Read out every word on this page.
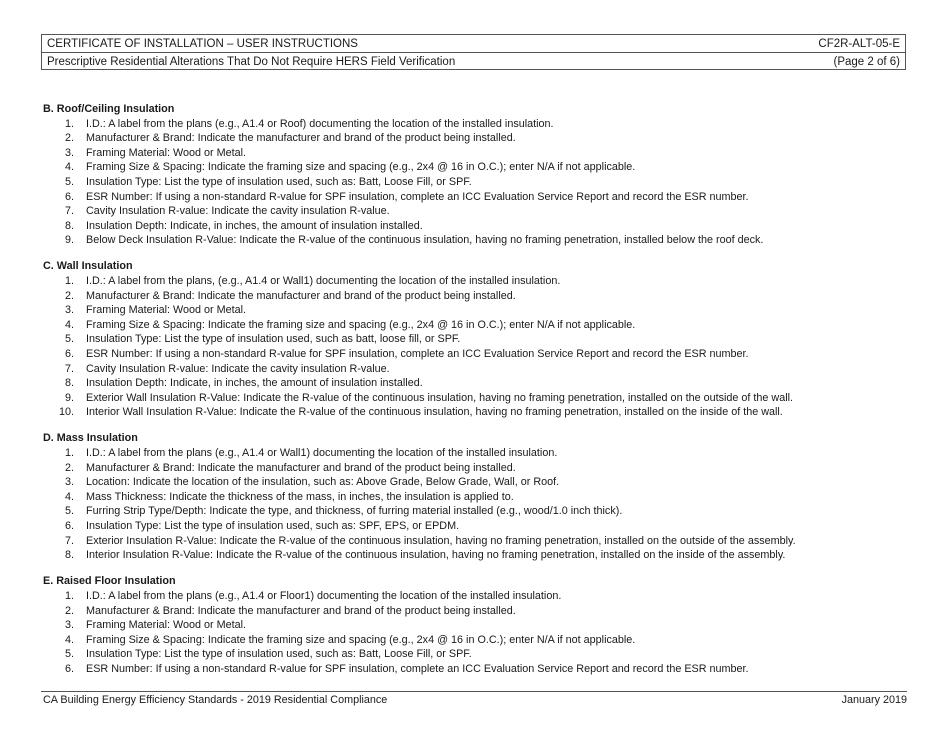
CERTIFICATE OF INSTALLATION – USER INSTRUCTIONS	CF2R-ALT-05-E
Prescriptive Residential Alterations That Do Not Require HERS Field Verification	(Page 2 of 6)
B. Roof/Ceiling Insulation
1. I.D.: A label from the plans (e.g., A1.4 or Roof) documenting the location of the installed insulation.
2. Manufacturer & Brand: Indicate the manufacturer and brand of the product being installed.
3. Framing Material: Wood or Metal.
4. Framing Size & Spacing: Indicate the framing size and spacing (e.g., 2x4 @ 16 in O.C.); enter N/A if not applicable.
5. Insulation Type: List the type of insulation used, such as: Batt, Loose Fill, or SPF.
6. ESR Number: If using a non-standard R-value for SPF insulation, complete an ICC Evaluation Service Report and record the ESR number.
7. Cavity Insulation R-value: Indicate the cavity insulation R-value.
8. Insulation Depth: Indicate, in inches, the amount of insulation installed.
9. Below Deck Insulation R-Value: Indicate the R-value of the continuous insulation, having no framing penetration, installed below the roof deck.
C. Wall Insulation
1. I.D.: A label from the plans, (e.g., A1.4 or Wall1) documenting the location of the installed insulation.
2. Manufacturer & Brand: Indicate the manufacturer and brand of the product being installed.
3. Framing Material: Wood or Metal.
4. Framing Size & Spacing: Indicate the framing size and spacing (e.g., 2x4 @ 16 in O.C.); enter N/A if not applicable.
5. Insulation Type: List the type of insulation used, such as batt, loose fill, or SPF.
6. ESR Number: If using a non-standard R-value for SPF insulation, complete an ICC Evaluation Service Report and record the ESR number.
7. Cavity Insulation R-value: Indicate the cavity insulation R-value.
8. Insulation Depth: Indicate, in inches, the amount of insulation installed.
9. Exterior Wall Insulation R-Value: Indicate the R-value of the continuous insulation, having no framing penetration, installed on the outside of the wall.
10. Interior Wall Insulation R-Value: Indicate the R-value of the continuous insulation, having no framing penetration, installed on the inside of the wall.
D. Mass Insulation
1. I.D.: A label from the plans (e.g., A1.4 or Wall1) documenting the location of the installed insulation.
2. Manufacturer & Brand: Indicate the manufacturer and brand of the product being installed.
3. Location: Indicate the location of the insulation, such as: Above Grade, Below Grade, Wall, or Roof.
4. Mass Thickness: Indicate the thickness of the mass, in inches, the insulation is applied to.
5. Furring Strip Type/Depth: Indicate the type, and thickness, of furring material installed (e.g., wood/1.0 inch thick).
6. Insulation Type: List the type of insulation used, such as: SPF, EPS, or EPDM.
7. Exterior Insulation R-Value: Indicate the R-value of the continuous insulation, having no framing penetration, installed on the outside of the assembly.
8. Interior Insulation R-Value: Indicate the R-value of the continuous insulation, having no framing penetration, installed on the inside of the assembly.
E. Raised Floor Insulation
1. I.D.: A label from the plans (e.g., A1.4 or Floor1) documenting the location of the installed insulation.
2. Manufacturer & Brand: Indicate the manufacturer and brand of the product being installed.
3. Framing Material: Wood or Metal.
4. Framing Size & Spacing: Indicate the framing size and spacing (e.g., 2x4 @ 16 in O.C.); enter N/A if not applicable.
5. Insulation Type: List the type of insulation used, such as: Batt, Loose Fill, or SPF.
6. ESR Number: If using a non-standard R-value for SPF insulation, complete an ICC Evaluation Service Report and record the ESR number.
CA Building Energy Efficiency Standards - 2019 Residential Compliance	January 2019
